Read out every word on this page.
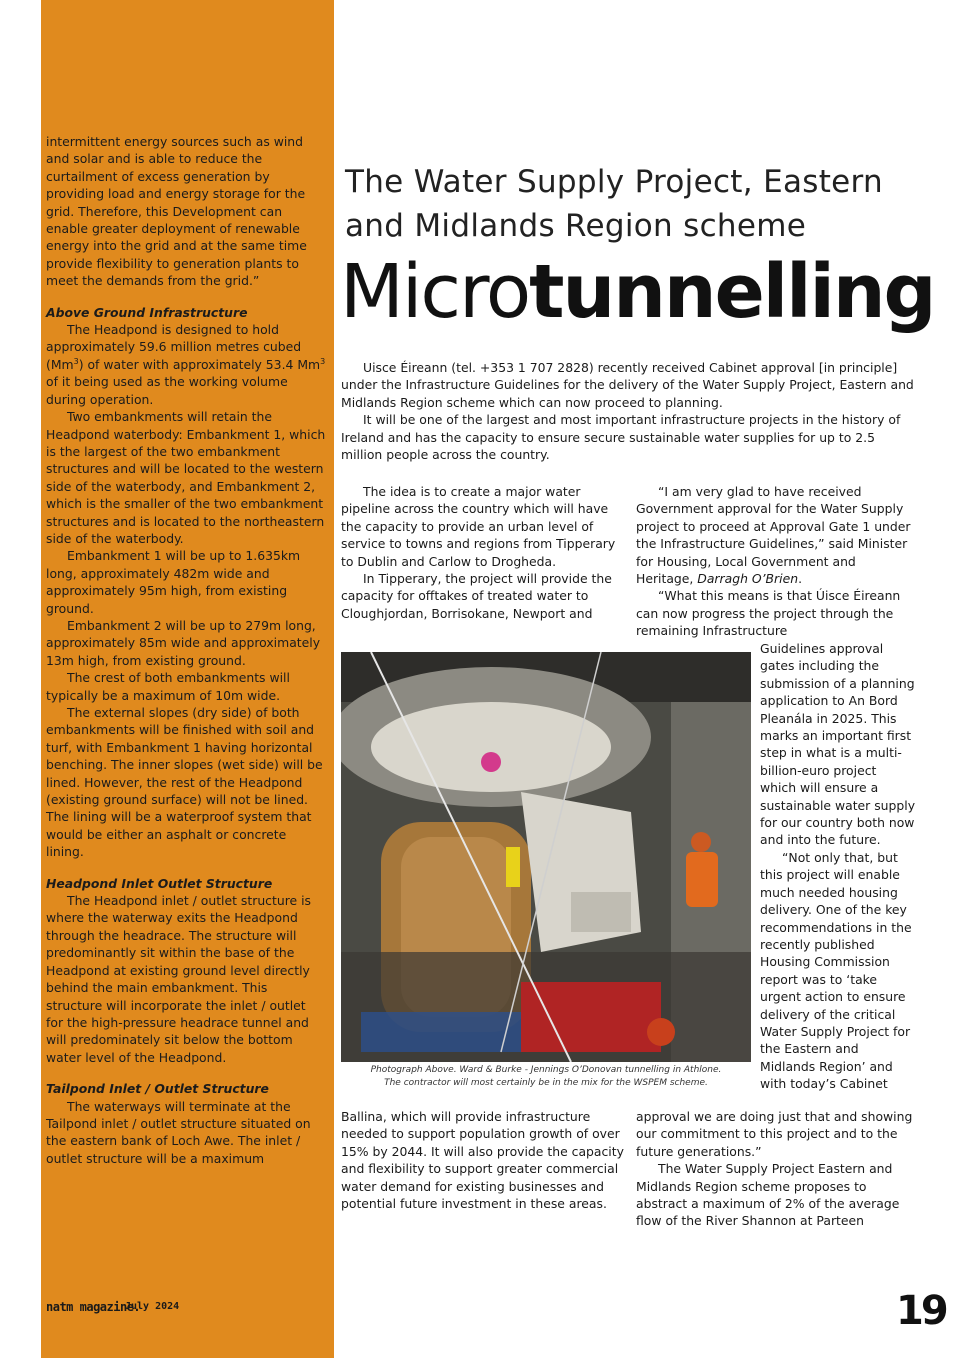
intermittent energy sources such as wind and solar and is able to reduce the curtailment of excess generation by providing load and energy storage for the grid. Therefore, this Development can enable greater deployment of renewable energy into the grid and at the same time provide flexibility to generation plants to meet the demands from the grid.”

Above Ground Infrastructure

The Headpond is designed to hold approximately 59.6 million metres cubed (Mm$^3$) of water with approximately 53.4 Mm$^3$ of it being used as the working volume during operation.

Two embankments will retain the Headpond waterbody: Embankment 1, which is the largest of the two embankment structures and will be located to the western side of the waterbody, and Embankment 2, which is the smaller of the two embankment structures and is located to the northeastern side of the waterbody.

Embankment 1 will be up to 1.635km long, approximately 482m wide and approximately 95m high, from existing ground.

Embankment 2 will be up to 279m long, approximately 85m wide and approximately 13m high, from existing ground.

The crest of both embankments will typically be a maximum of 10m wide.

The external slopes (dry side) of both embankments will be finished with soil and turf, with Embankment 1 having horizontal benching. The inner slopes (wet side) will be lined. However, the rest of the Headpond (existing ground surface) will not be lined. The lining will be a waterproof system that would be either an asphalt or concrete lining.

Headpond Inlet Outlet Structure

The Headpond inlet / outlet structure is where the waterway exits the Headpond through the headrace. The structure will predominantly sit within the base of the Headpond at existing ground level directly behind the main embankment. This structure will incorporate the inlet / outlet for the high-pressure headrace tunnel and will predominately sit below the bottom water level of the Headpond.

Tailpond Inlet / Outlet Structure

The waterways will terminate at the Tailpond inlet / outlet structure situated on the eastern bank of Loch Awe. The inlet / outlet structure will be a maximum

The Water Supply Project, Eastern
and Midlands Region scheme
Microtunnelling

Uisce Éireann (tel. +353 1 707 2828) recently received Cabinet approval [in principle] under the Infrastructure Guidelines for the delivery of the Water Supply Project, Eastern and Midlands Region scheme which can now proceed to planning.

It will be one of the largest and most important infrastructure projects in the history of Ireland and has the capacity to ensure secure sustainable water supplies for up to 2.5 million people across the country.

The idea is to create a major water pipeline across the country which will have the capacity to provide an urban level of service to towns and regions from Tipperary to Dublin and Carlow to Drogheda.

In Tipperary, the project will provide the capacity for offtakes of treated water to Cloughjordan, Borrisokane, Newport and

“I am very glad to have received Government approval for the Water Supply project to proceed at Approval Gate 1 under the Infrastructure Guidelines,” said Minister for Housing, Local Government and Heritage, Darragh O’Brien.

“What this means is that Úisce Éireann can now progress the project through the remaining Infrastructure

Guidelines approval gates including the submission of a planning application to An Bord Pleanála in 2025. This marks an important first step in what is a multi-billion-euro project which will ensure a sustainable water supply for our country both now and into the future.

“Not only that, but this project will enable much needed housing delivery. One of the key recommendations in the recently published Housing Commission report was to ‘take urgent action to ensure delivery of the critical Water Supply Project for the Eastern and Midlands Region’ and with today’s Cabinet

Photograph Above. Ward & Burke - Jennings O’Donovan tunnelling in Athlone.
The contractor will most certainly be in the mix for the WSPEM scheme.

Ballina, which will provide infrastructure needed to support population growth of over 15% by 2044. It will also provide the capacity and flexibility to support greater commercial water demand for existing businesses and potential future investment in these areas.

approval we are doing just that and showing our commitment to this project and to the future generations.”

The Water Supply Project Eastern and Midlands Region scheme proposes to abstract a maximum of 2% of the average flow of the River Shannon at Parteen

natm magazine.
July 2024	19
